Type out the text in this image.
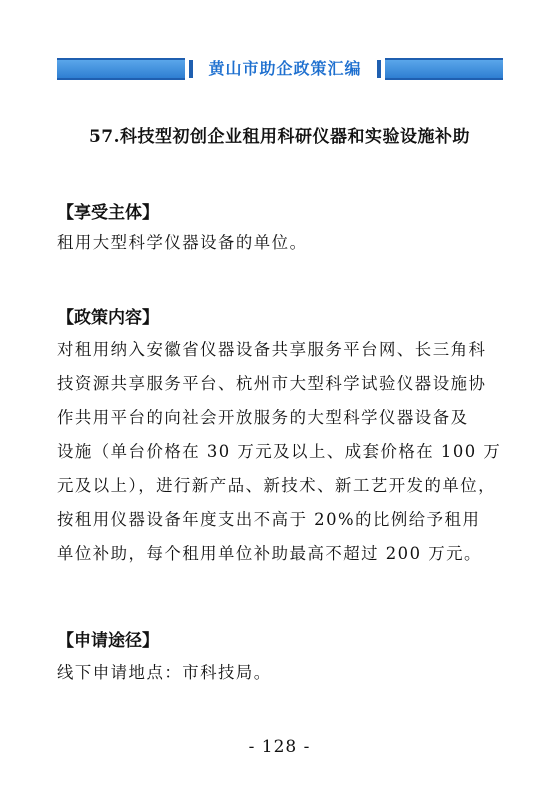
黄山市助企政策汇编
57.科技型初创企业租用科研仪器和实验设施补助
【享受主体】
租用大型科学仪器设备的单位。
【政策内容】
对租用纳入安徽省仪器设备共享服务平台网、长三角科
技资源共享服务平台、杭州市大型科学试验仪器设施协
作共用平台的向社会开放服务的大型科学仪器设备及
设施（单台价格在 30 万元及以上、成套价格在 100 万
元及以上），进行新产品、新技术、新工艺开发的单位，
按租用仪器设备年度支出不高于 20%的比例给予租用
单位补助，每个租用单位补助最高不超过 200 万元。
【申请途径】
线下申请地点：市科技局。
- 128 -
